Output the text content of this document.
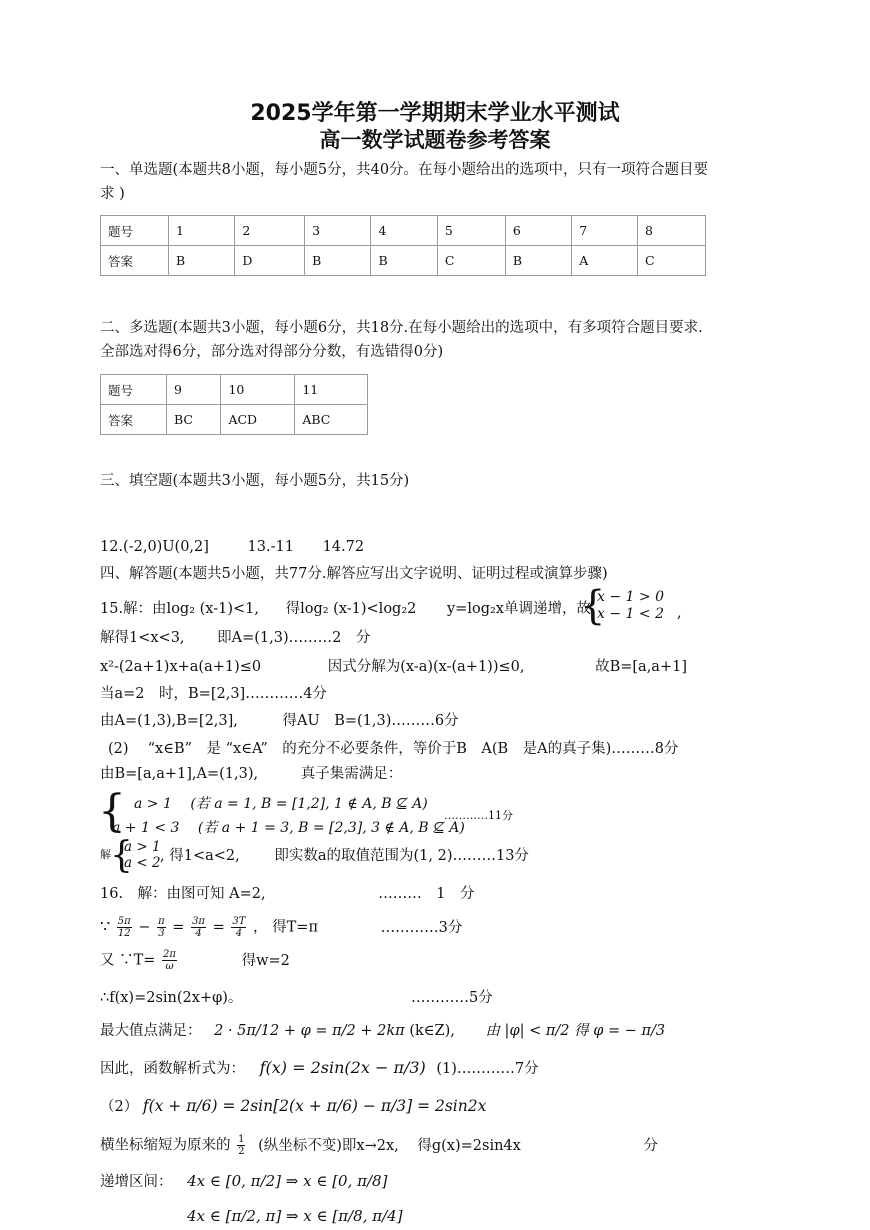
2025学年第一学期期末学业水平测试
高一数学试题卷参考答案
一、单选题(本题共8小题，每小题5分，共40分。在每小题给出的选项中，只有一项符合题目要
求 )
题号	1	2	3	4	5	6	7	8
答案	B	D	B	B	C	B	A	C
二、多选题(本题共3小题，每小题6分，共18分.在每小题给出的选项中，有多项符合题目要求.
全部选对得6分，部分选对得部分分数，有选错得0分)
题号	9	10	11
答案	BC	ACD	ABC
三、填空题(本题共3小题，每小题5分，共15分)
12.(-2,0)U(0,2]	13.-11 14.72
四、解答题(本题共5小题，共77分.解答应写出文字说明、证明过程或演算步骤)
15.解：由log₂ (x-1)<1, 得log₂ (x-1)<log₂2 y=log₂x单调递增，故
{
x − 1 > 0
x − 1 < 2 ,
解得1<x<3, 即A=(1,3)………2　分
x²-(2a+1)x+a(a+1)≤0	因式分解为(x-a)(x-(a+1))≤0,	故B=[a,a+1]
当a=2　时，B=[2,3]…………4分
由A=(1,3),B=[2,3],	得AU　B=(1,3)………6分
(2)　 “x∈B”　是 “x∈A”　的充分不必要条件，等价于B　A(B　是A的真子集)………8分
由B=[a,a+1],A=(1,3),	真子集需满足：
{ a > 1　 (若 a = 1, B = [1,2], 1 ∉ A, B ⊈ A)
a + 1 < 3　 (若 a + 1 = 3, B = [2,3], 3 ∉ A, B ⊈ A)
…………11分
解 {
a > 1
a < 2 , 得1<a<2, 即实数a的取值范围为(1, 2)………13分
16.　解：由图可知 A=2,	………　1　分
∵ $\frac{5\pi}{12} - \frac{\pi}{3} = \frac{3\pi}{4} = \frac{3T}{4}$ ， 得T=π	…………3分
又 ∵T= $\frac{2\pi}{\omega}$	得w=2
∴f(x)=2sin(2x+φ)。	…………5分
最大值点满足： 2 · 5π/12 + φ = π/2 + 2kπ (k∈Z), 由 |φ| < π/2 得 φ = − π/3
因此，函数解析式为： f(x) = 2sin(2x − π/3) (1)…………7分
（2） f(x + π/6) = 2sin[2(x + π/6) − π/3] = 2sin2x
横坐标缩短为原来的 $\frac{1}{2}$ (纵坐标不变)即x→2x, 得g(x)=2sin4x	分
递增区间： 4x ∈ [0, π/2] ⇒ x ∈ [0, π/8]
4x ∈ [π/2, π] ⇒ x ∈ [π/8, π/4]
